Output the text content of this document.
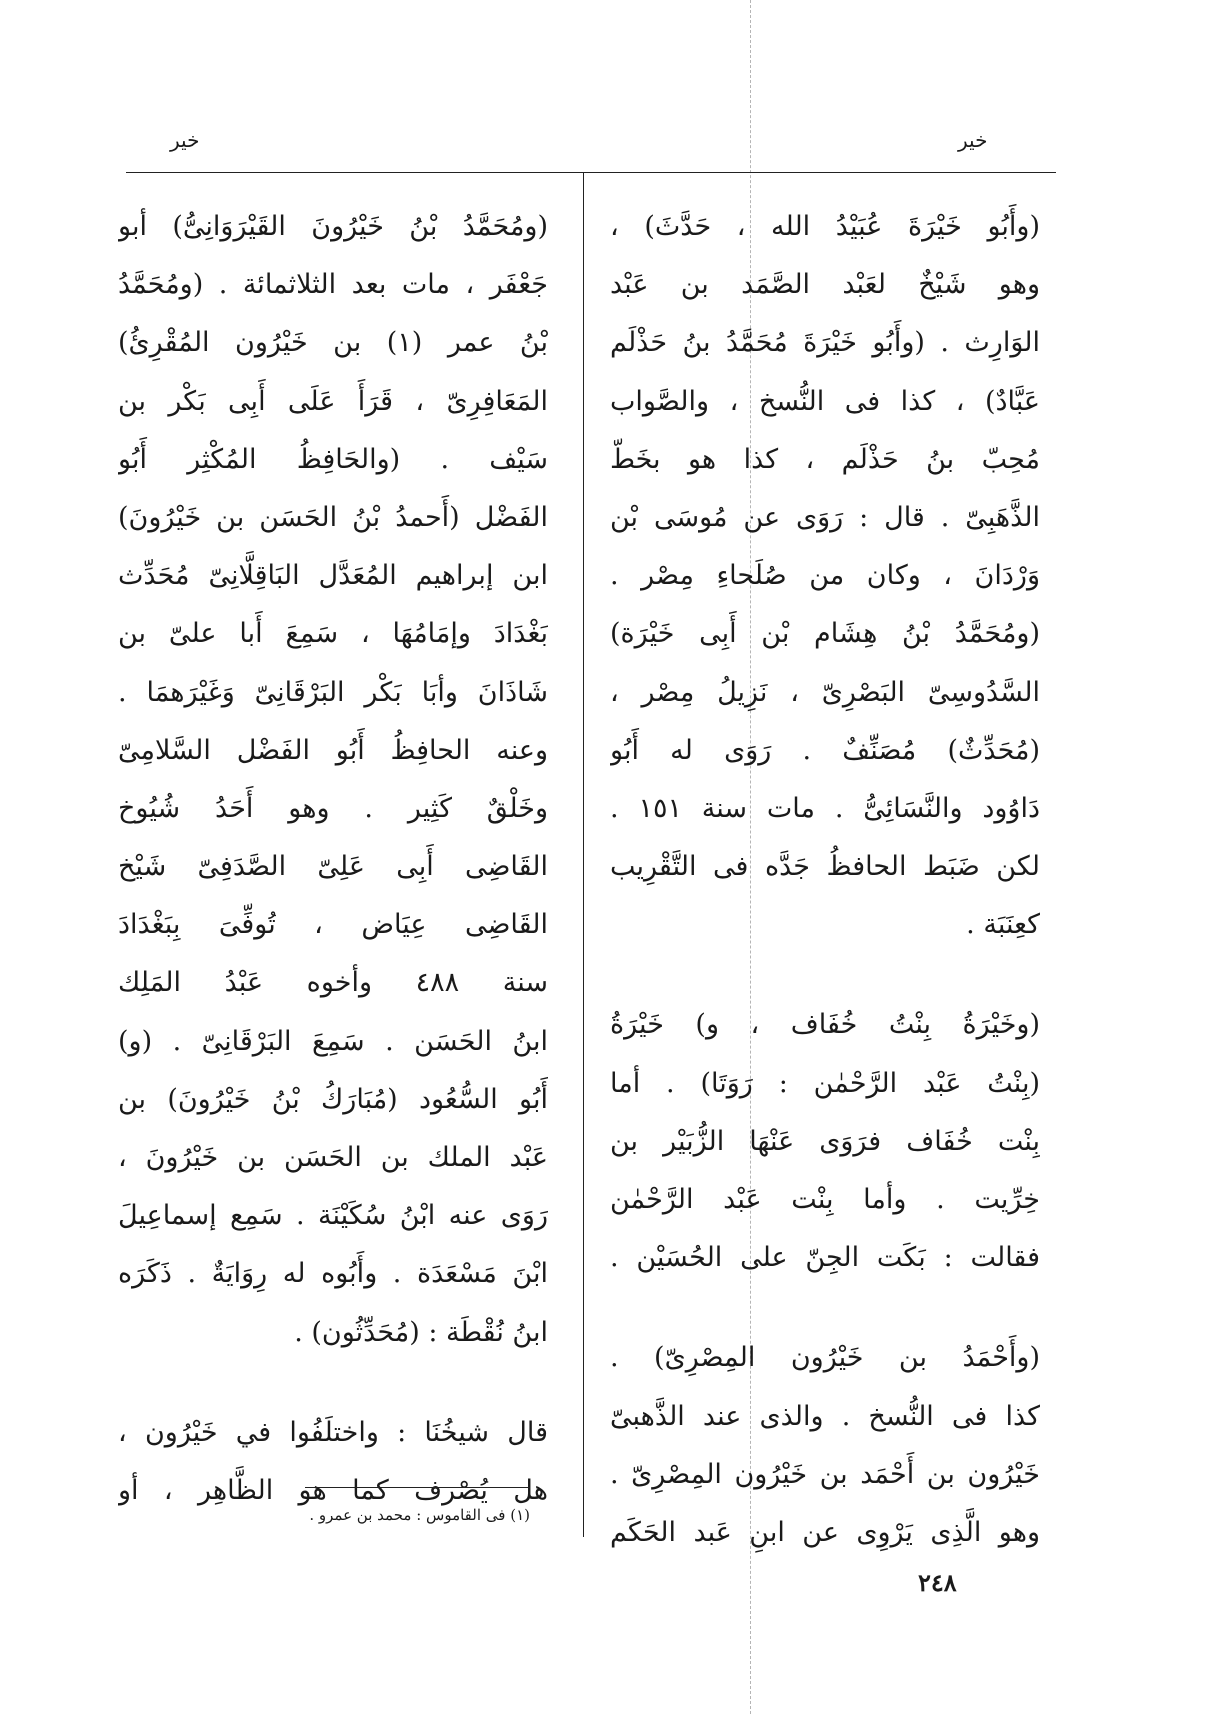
خير	خير
(ومُحَمَّدُ بْنُ خَيْرُونَ القَيْرَوَانِىُّ) أبو
جَعْفَر ، مات بعد الثلاثمائة . (ومُحَمَّدُ
بْنُ عمر (١) بن خَيْرُون المُقْرِئُ)
المَعَافِرِىّ ، قَرَأَ عَلَى أَبِى بَكْر بن
سَيْف . (والحَافِظُ المُكْثِر أَبُو
الفَضْل (أَحمدُ بْنُ الحَسَن بن خَيْرُونَ)
ابن إبراهيم المُعَدَّل البَاقِلَّانِىّ مُحَدِّث
بَغْدَادَ وإمَامُهَا ، سَمِعَ أَبا علىّ بن
شَاذَانَ وأبَا بَكْر البَرْقَانِىّ وَغَيْرَهمَا .
وعنه الحافِظُ أَبُو الفَضْل السَّلامِىّ
وخَلْقٌ كَثِير . وهو أَحَدُ شُيُوخ
القَاضِى أَبِى عَلِىّ الصَّدَفِىّ شَيْخ
القَاضِى عِيَاض ، تُوفِّىَ بِبَغْدَادَ
سنة ٤٨٨ وأخوه عَبْدُ المَلِك
ابنُ الحَسَن . سَمِعَ البَرْقَانِىّ . (و)
أَبُو السُّعُود (مُبَارَكُ بْنُ خَيْرُونَ) بن
عَبْد الملك بن الحَسَن بن خَيْرُونَ ،
رَوَى عنه ابْنُ سُكَيْنَة . سَمِع إسماعِيلَ
ابْنَ مَسْعَدَة . وأَبُوه له رِوَايَةٌ . ذَكَرَه
ابنُ نُقْطَة : (مُحَدِّثُون) .
قال شيخُنَا : واختلَفُوا في خَيْرُون ،
هل يُصْرف كما هو الظَّاهِر ، أو
(١) فى القاموس : محمد بن عمرو .
(وأَبُو خَيْرَةَ عُبَيْدُ الله ، حَدَّثَ) ،
وهو شَيْخٌ لعَبْد الصَّمَد بن عَبْد
الوَارِث . (وأَبُو خَيْرَةَ مُحَمَّدُ بنُ حَذْلَم
عَبَّادٌ) ، كذا فى النُّسخ ، والصَّواب
مُحِبّ بنُ حَذْلَم ، كذا هو بخَطّ
الذَّهَبِىّ . قال : رَوَى عن مُوسَى بْن
وَرْدَانَ ، وكان من صُلَحاءِ مِصْر .
(ومُحَمَّدُ بْنُ هِشَام بْن أَبِى خَيْرَة)
السَّدُوسِىّ البَصْرِىّ ، نَزِيلُ مِصْر ،
(مُحَدِّثٌ) مُصَنِّفٌ . رَوَى له أَبُو
دَاوُود والنَّسَائِىُّ . مات سنة ١٥١ .
لكن ضَبَط الحافظُ جَدَّه فى التَّقْرِيب
كعِنَبَة .
(وخَيْرَةُ بِنْتُ خُفَاف ، و) خَيْرَةُ
(بِنْتُ عَبْد الرَّحْمٰن : رَوَتَا) . أما
بِنْت خُفَاف فرَوَى عَنْهَا الزُّبَيْر بن
خِرِّيت . وأما بِنْت عَبْد الرَّحْمٰن
فقالت : بَكَت الجِنّ على الحُسَيْن .
(وأَحْمَدُ بن خَيْرُون المِصْرِىّ) .
كذا فى النُّسخ . والذى عند الذَّهبىّ
خَيْرُون بن أَحْمَد بن خَيْرُون المِصْرِىّ .
وهو الَّذِى يَرْوِى عن ابنِ عَبد الحَكَم
٢٤٨
